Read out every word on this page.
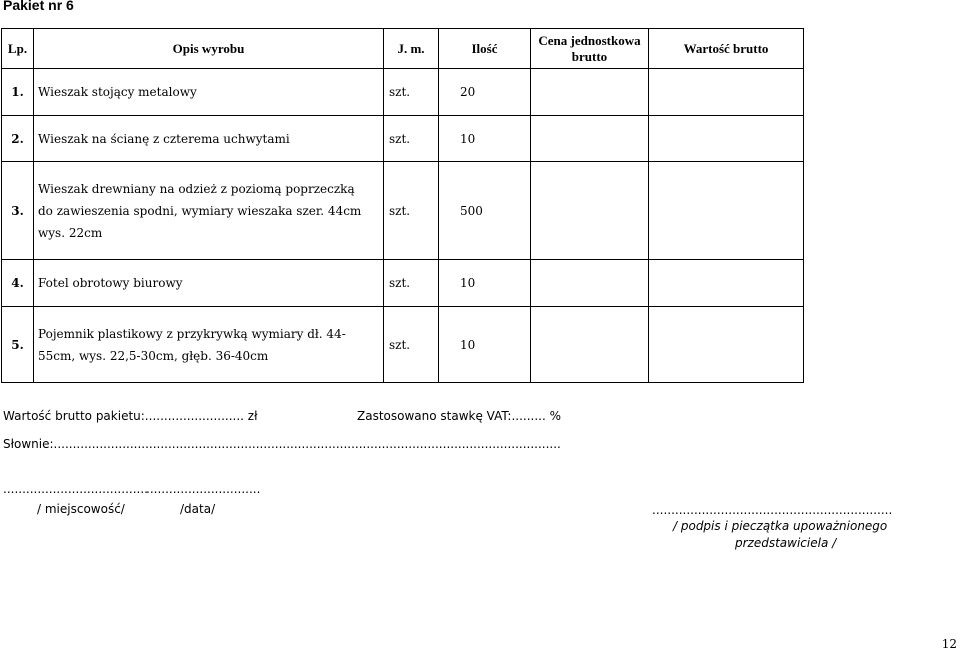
Pakiet nr 6
Lp.	Opis wyrobu	J. m.	Ilość	Cena jednostkowa brutto	Wartość brutto
1.	Wieszak stojący metalowy	szt.	20		
2.	Wieszak na ścianę z czterema uchwytami	szt.	10		
3.	Wieszak drewniany na odzież z poziomą poprzeczką do zawieszenia spodni, wymiary wieszaka szer. 44cm wys. 22cm	szt.	500		
4.	Fotel obrotowy biurowy	szt.	10		
5.	Pojemnik plastikowy z przykrywką wymiary dł. 44-55cm, wys. 22,5-30cm, głęb. 36-40cm	szt.	10		
Wartość brutto pakietu:.......................... zł	Zastosowano stawkę VAT:......... %
Słownie:.....................................................................................................................................
......................................
..............................
/ miejscowość/	/data/	...............................................................
/ podpis i pieczątka upoważnionego
przedstawiciela /
12
